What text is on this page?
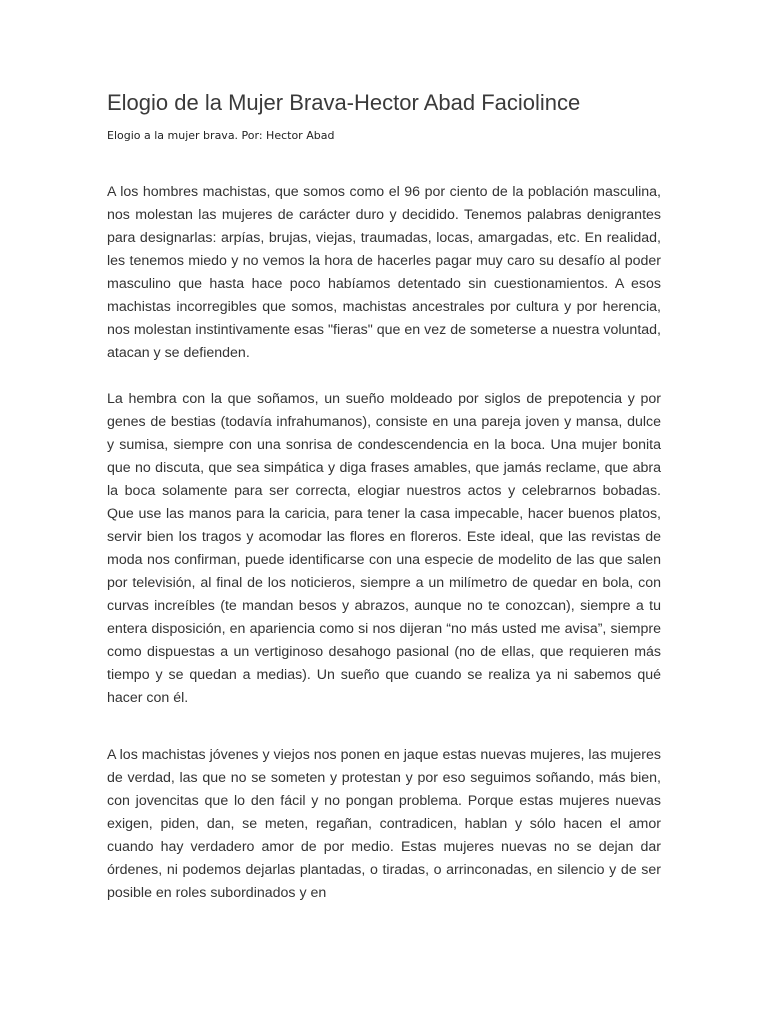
Elogio de la Mujer Brava-Hector Abad Faciolince
Elogio a la mujer brava. Por: Hector Abad

A los hombres machistas, que somos como el 96 por ciento de la población masculina, nos molestan las mujeres de carácter duro y decidido. Tenemos palabras denigrantes para designarlas: arpías, brujas, viejas, traumadas, locas, amargadas, etc. En realidad, les tenemos miedo y no vemos la hora de hacerles pagar muy caro su desafío al poder masculino que hasta hace poco habíamos detentado sin cuestionamientos. A esos machistas incorregibles que somos, machistas ancestrales por cultura y por herencia, nos molestan instintivamente esas "fieras" que en vez de someterse a nuestra voluntad, atacan y se defienden.

La hembra con la que soñamos, un sueño moldeado por siglos de prepotencia y por genes de bestias (todavía infrahumanos), consiste en una pareja joven y mansa, dulce y sumisa, siempre con una sonrisa de condescendencia en la boca. Una mujer bonita que no discuta, que sea simpática y diga frases amables, que jamás reclame, que abra la boca solamente para ser correcta, elogiar nuestros actos y celebrarnos bobadas. Que use las manos para la caricia, para tener la casa impecable, hacer buenos platos, servir bien los tragos y acomodar las flores en floreros. Este ideal, que las revistas de moda nos confirman, puede identificarse con una especie de modelito de las que salen por televisión, al final de los noticieros, siempre a un milímetro de quedar en bola, con curvas increíbles (te mandan besos y abrazos, aunque no te conozcan), siempre a tu entera disposición, en apariencia como si nos dijeran “no más usted me avisa”, siempre como dispuestas a un vertiginoso desahogo pasional (no de ellas, que requieren más tiempo y se quedan a medias). Un sueño que cuando se realiza ya ni sabemos qué hacer con él.

A los machistas jóvenes y viejos nos ponen en jaque estas nuevas mujeres, las mujeres de verdad, las que no se someten y protestan y por eso seguimos soñando, más bien, con jovencitas que lo den fácil y no pongan problema. Porque estas mujeres nuevas exigen, piden, dan, se meten, regañan, contradicen, hablan y sólo hacen el amor cuando hay verdadero amor de por medio. Estas mujeres nuevas no se dejan dar órdenes, ni podemos dejarlas plantadas, o tiradas, o arrinconadas, en silencio y de ser posible en roles subordinados y en
